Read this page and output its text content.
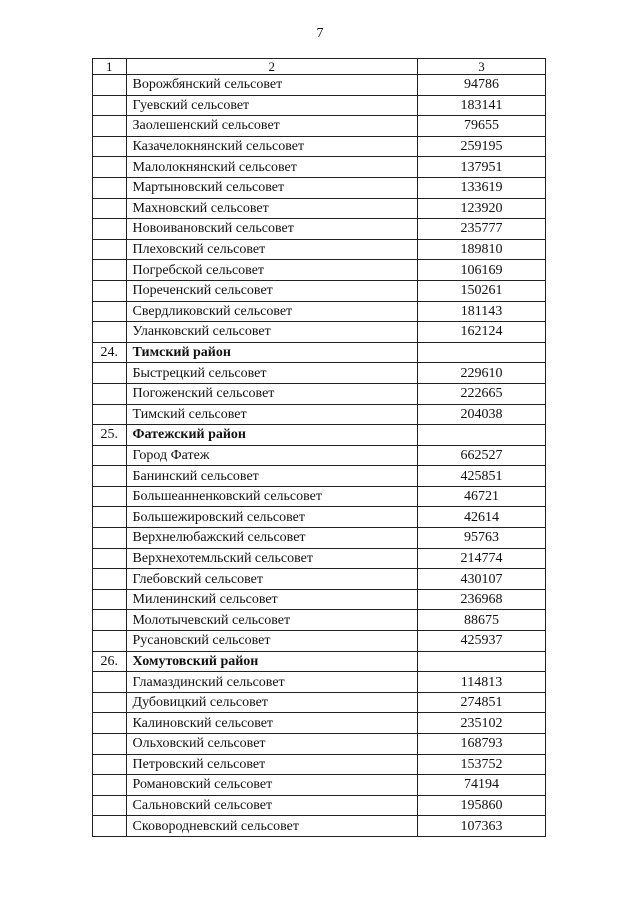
7
1	2	3
	Ворожбянский сельсовет	94786
	Гуевский сельсовет	183141
	Заолешенский сельсовет	79655
	Казачелокнянский сельсовет	259195
	Малолокнянский сельсовет	137951
	Мартыновский сельсовет	133619
	Махновский сельсовет	123920
	Новоивановский сельсовет	235777
	Плеховский сельсовет	189810
	Погребской сельсовет	106169
	Пореченский сельсовет	150261
	Свердликовский сельсовет	181143
	Уланковский сельсовет	162124
24.	Тимский район	
	Быстрецкий сельсовет	229610
	Погоженский сельсовет	222665
	Тимский сельсовет	204038
25.	Фатежский район	
	Город Фатеж	662527
	Банинский сельсовет	425851
	Большеанненковский сельсовет	46721
	Большежировский сельсовет	42614
	Верхнелюбажский сельсовет	95763
	Верхнехотемльский сельсовет	214774
	Глебовский сельсовет	430107
	Миленинский сельсовет	236968
	Молотычевский сельсовет	88675
	Русановский сельсовет	425937
26.	Хомутовский район	
	Гламаздинский сельсовет	114813
	Дубовицкий сельсовет	274851
	Калиновский сельсовет	235102
	Ольховский сельсовет	168793
	Петровский сельсовет	153752
	Романовский сельсовет	74194
	Сальновский сельсовет	195860
	Сковородневский сельсовет	107363
